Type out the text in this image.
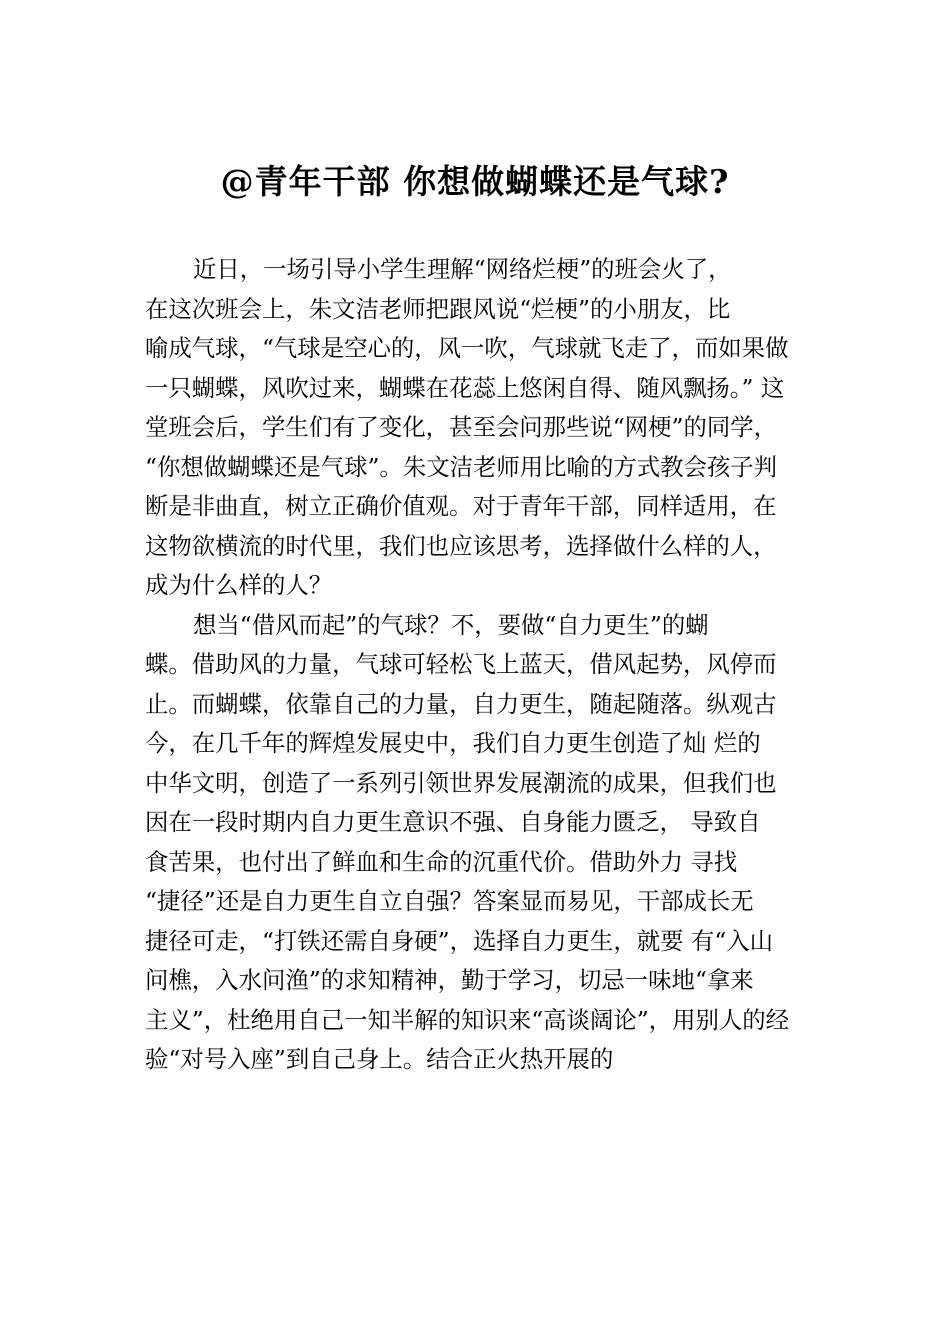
@青年干部 你想做蝴蝶还是气球?
近日，一场引导小学生理解“网络烂梗”的班会火了，
在这次班会上，朱文洁老师把跟风说“烂梗”的小朋友，比
喻成气球，“气球是空心的，风一吹，气球就飞走了，而如果做
一只蝴蝶，风吹过来，蝴蝶在花蕊上悠闲自得、随风飘扬。” 这
堂班会后，学生们有了变化，甚至会问那些说“网梗”的同学，
“你想做蝴蝶还是气球”。朱文洁老师用比喻的方式教会孩子判
断是非曲直，树立正确价值观。对于青年干部，同样适用，在
这物欲横流的时代里，我们也应该思考，选择做什么样的人，
成为什么样的人？
想当“借风而起”的气球？不，要做“自力更生”的蝴
蝶。借助风的力量，气球可轻松飞上蓝天，借风起势，风停而
止。而蝴蝶，依靠自己的力量，自力更生，随起随落。纵观古
今，在几千年的辉煌发展史中，我们自力更生创造了灿 烂的
中华文明，创造了一系列引领世界发展潮流的成果，但我们也
因在一段时期内自力更生意识不强、自身能力匮乏， 导致自
食苦果，也付出了鲜血和生命的沉重代价。借助外力 寻找
“捷径”还是自力更生自立自强？答案显而易见，干部成长无
捷径可走，“打铁还需自身硬”，选择自力更生，就要 有“入山
问樵，入水问渔”的求知精神，勤于学习，切忌一味地“拿来
主义”，杜绝用自己一知半解的知识来“高谈阔论”，用别人的经
验“对号入座”到自己身上。结合正火热开展的
